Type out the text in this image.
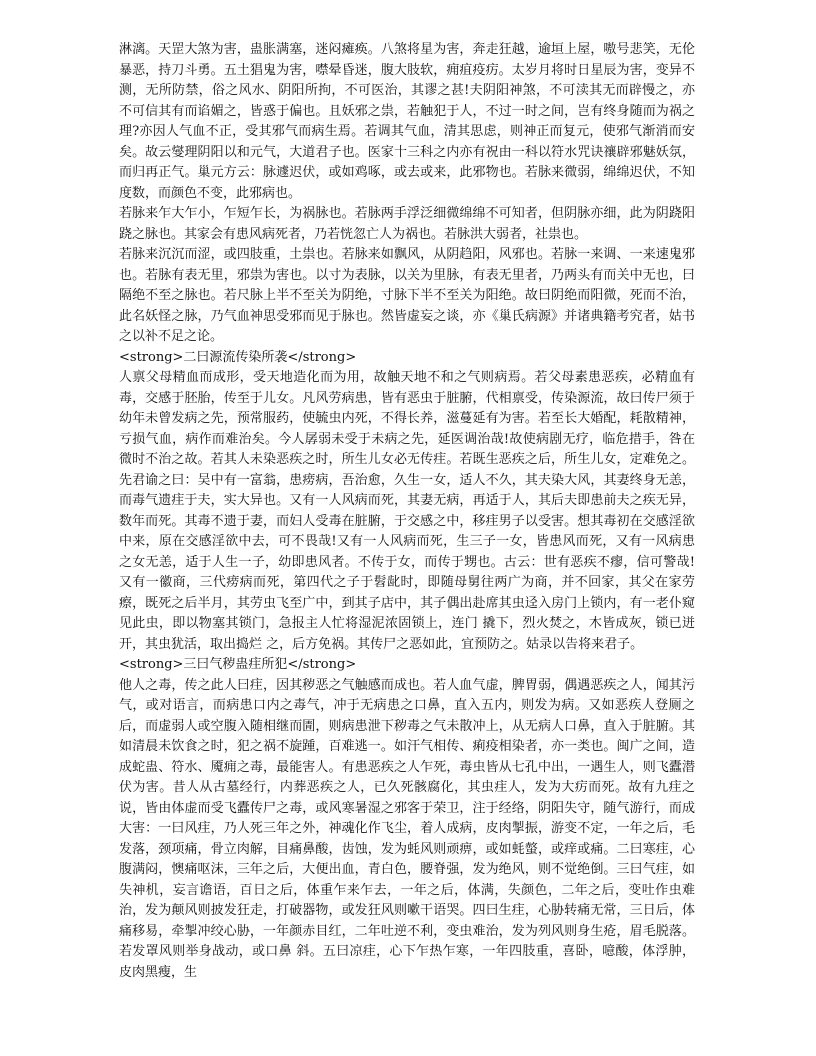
淋漓。天罡大煞为害，蛊胀满塞，迷闷瘫痪。八煞将星为害，奔走狂越，逾垣上屋，嗷号悲笑，无伦暴恶，持刀斗勇。五土猖鬼为害，噤晕昏迷，腹大肢软，痈疽疫疠。太岁月将时日星辰为害，变异不测，无所防禁，俗之风水、阴阳所拘，不可医治，其谬之甚!夫阴阳神煞，不可渎其无而辟慢之，亦不可信其有而谄媚之，皆惑于偏也。且妖邪之祟，若触犯于人，不过一时之间，岂有终身随而为祸之理?亦因人气血不正，受其邪气而病生焉。若调其气血，清其思虑，则神正而复元，使邪气渐消而安矣。故云燮理阴阳以和元气，大道君子也。医家十三科之内亦有祝由一科以符水咒诀禳辟邪魅妖氛，而归再正气。巢元方云：脉遽迟伏，或如鸡啄，或去或来，此邪物也。若脉来微弱，绵绵迟伏，不知度数，而颜色不变，此邪病也。

若脉来乍大乍小，乍短乍长，为祸脉也。若脉两手浮泛细微绵绵不可知者，但阴脉亦细，此为阴跷阳跷之脉也。其家会有患风病死者，乃若恍忽亡人为祸也。若脉洪大弱者，社祟也。

若脉来沉沉而涩，或四肢重，土祟也。若脉来如飘风，从阴趋阳，风邪也。若脉一来调、一来速鬼邪也。若脉有表无里，邪祟为害也。以寸为表脉，以关为里脉，有表无里者，乃两头有而关中无也，曰隔绝不至之脉也。若尺脉上半不至关为阴绝，寸脉下半不至关为阳绝。故曰阴绝而阳微，死而不治，此名妖怪之脉，乃气血神思受邪而见于脉也。然皆虚妄之谈，亦《巢氏病源》并诸典籍考究者，姑书之以补不足之论。

<strong>二曰源流传染所袭</strong>

人禀父母精血而成形，受天地造化而为用，故触天地不和之气则病焉。若父母素患恶疾，必精血有毒，交感于胚胎，传至于儿女。凡风劳病患，皆有恶虫于脏腑，代相禀受，传染源流，故曰传尸须于幼年未曾发病之先，预常服药，使毓虫内死，不得长养，滋蔓延有为害。若至长大婚配，耗散精神，亏损气血，病作而难治矣。今人孱弱未受于未病之先，延医调治哉!故使病剧无疗，临危措手，咎在微时不治之故。若其人未染恶疾之时，所生儿女必无传疰。若既生恶疾之后，所生儿女，定难免之。先君谕之曰：吴中有一富翁，患痨病，吾治愈，久生一女，适人不久，其夫染大风，其妻终身无恙，而毒气遗疰于夫，实大异也。又有一人风病而死，其妻无病，再适于人，其后夫即患前夫之疾无异，数年而死。其毒不遗于妻，而妇人受毒在脏腑，于交感之中，移疰男子以受害。想其毒初在交感淫欲中来，原在交感淫欲中去，可不畏哉!又有一人风病而死，生三子一女，皆患风而死，又有一风病患之女无恙，适于人生一子，幼即患风者。不传于女，而传于甥也。古云：世有恶疾不瘳，信可警哉!又有一徽商，三代痨病而死，第四代之子于髫龀时，即随母舅往两广为商，并不回家，其父在家劳瘵，既死之后半月，其劳虫飞至广中，到其子店中，其子偶出赴席其虫迳入房门上锁内，有一老仆窥见此虫，即以物塞其锁门，急报主人忙将湿泥浓固锁上，连门 撬下，烈火焚之，木皆成灰，锁已迸开，其虫犹活，取出捣烂 之，后方免祸。其传尸之恶如此，宜预防之。姑录以告将来君子。

<strong>三曰气秽蛊疰所犯</strong>

他人之毒，传之此人曰疰，因其秽恶之气触感而成也。若人血气虚，脾胃弱，偶遇恶疾之人，闻其污气，或对语言，而病患口内之毒气，冲于无病患之口鼻，直入五内，则发为病。又如恶疾人登厕之后，而虚弱人或空腹入随相继而圊，则病患泄下秽毒之气未散冲上，从无病人口鼻，直入于脏腑。其如清晨未饮食之时，犯之祸不旋踵，百难逃一。如汗气相传、痢疫相染者，亦一类也。闽广之间，造成蛇蛊、符水、魇痈之毒，最能害人。有患恶疾之人乍死，毒虫皆从七孔中出，一遇生人，则飞蠹潜伏为害。昔人从古墓经行，内葬恶疾之人，已久死骸腐化，其虫疰人，发为大疠而死。故有九疰之说，皆由体虚而受飞蠹传尸之毒，或风寒暑湿之邪客于荣卫，注于经络，阴阳失守，随气游行，而成大害：一曰风疰，乃人死三年之外，神魂化作飞尘，着人成病，皮肉掣振，游变不定，一年之后，毛发落，颈项痛，骨立肉解，目痛鼻酸，齿蚀，发为蚝风则顽痹，或如蚝螫，或痒或痛。二曰寒疰，心腹满闷，懊痛呕沫，三年之后，大便出血，青白色，腰脊强，发为绝风，则不觉绝倒。三曰气疰，如失神机，妄言谵语，百日之后，体重乍来乍去，一年之后，体满，失颜色，二年之后，变吐作虫难治，发为颠风则披发狂走，打破器物，或发狂风则嗽干语哭。四曰生疰，心胁转痛无常，三日后，体痛移易，牵掣冲绞心胁，一年颜赤目红，二年吐逆不利，变虫难治，发为列风则身生疮，眉毛脱落。若发罩风则举身战动，或口鼻 斜。五曰凉疰，心下乍热乍寒，一年四肢重，喜卧，噫酸，体浮肿，皮肉黑瘦，生
